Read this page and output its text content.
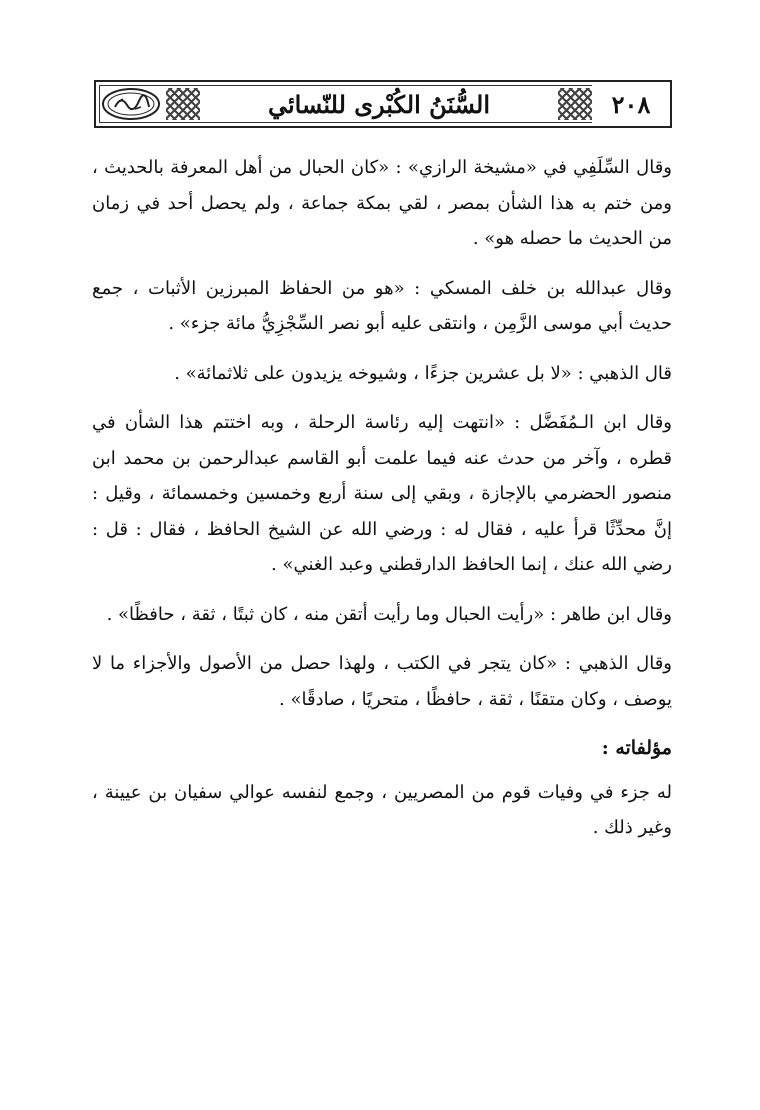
السُّنَنُ الكُبْرى للنّسائي	٢٠٨

وقال السِّلَفِي في «مشيخة الرازي» : «كان الحبال من أهل المعرفة بالحديث ، ومن ختم به هذا الشأن بمصر ، لقي بمكة جماعة ، ولم يحصل أحد في زمان من الحديث ما حصله هو» .

وقال عبدالله بن خلف المسكي : «هو من الحفاظ المبرزين الأثبات ، جمع حديث أبي موسى الزَّمِن ، وانتقى عليه أبو نصر السِّجْزِيُّ مائة جزء» .

قال الذهبي : «لا بل عشرين جزءًا ، وشيوخه يزيدون على ثلاثمائة» .

وقال ابن الـمُفَضَّل : «انتهت إليه رئاسة الرحلة ، وبه اختتم هذا الشأن في قطره ، وآخر من حدث عنه فيما علمت أبو القاسم عبدالرحمن بن محمد ابن منصور الحضرمي بالإجازة ، وبقي إلى سنة أربع وخمسين وخمسمائة ، وقيل : إنَّ محدِّثًا قرأ عليه ، فقال له : ورضي الله عن الشيخ الحافظ ، فقال : قل : رضي الله عنك ، إنما الحافظ الدارقطني وعبد الغني» .

وقال ابن طاهر : «رأيت الحبال وما رأيت أتقن منه ، كان ثبتًا ، ثقة ، حافظًا» .

وقال الذهبي : «كان يتجر في الكتب ، ولهذا حصل من الأصول والأجزاء ما لا يوصف ، وكان متقنًا ، ثقة ، حافظًا ، متحريًا ، صادقًا» .

مؤلفاته :

له جزء في وفيات قوم من المصريين ، وجمع لنفسه عوالي سفيان بن عيينة ، وغير ذلك .
